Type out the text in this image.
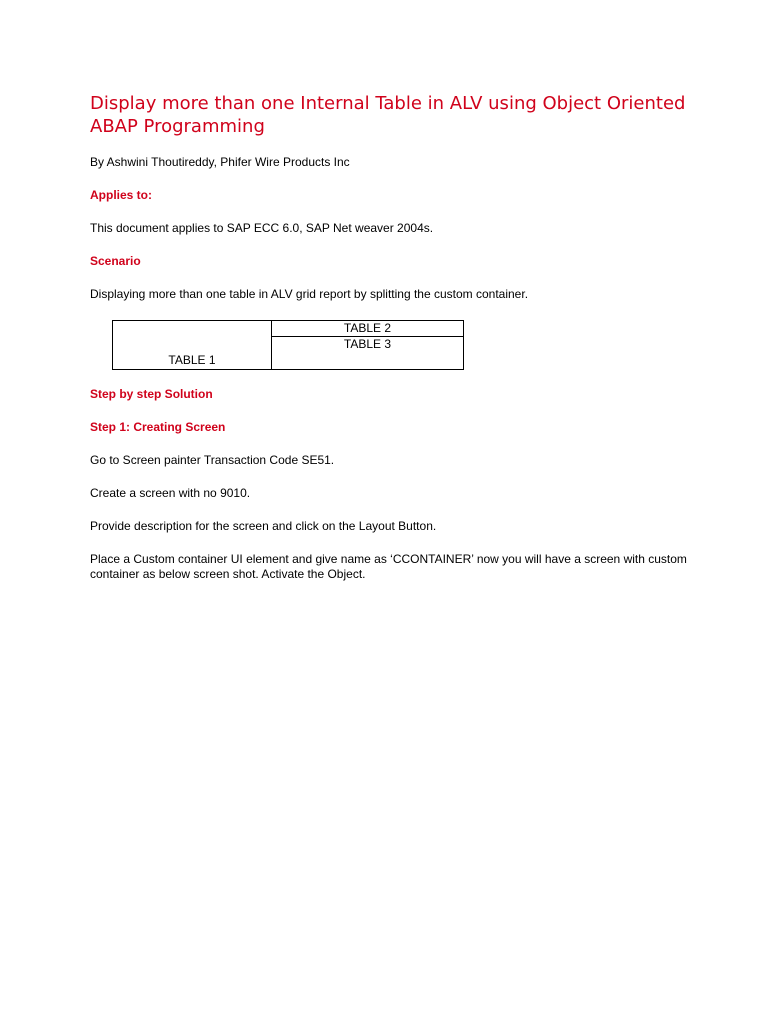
Display more than one Internal Table in ALV using Object Oriented ABAP Programming

By Ashwini Thoutireddy, Phifer Wire Products Inc

Applies to:

This document applies to SAP ECC 6.0, SAP Net weaver 2004s.

Scenario

Displaying more than one table in ALV grid report by splitting the custom container.

TABLE 1
TABLE 2
TABLE 3

Step by step Solution

Step 1: Creating Screen

Go to Screen painter Transaction Code SE51.

Create a screen with no 9010.

Provide description for the screen and click on the Layout Button.

Place a Custom container UI element and give name as ‘CCONTAINER’ now you will have a screen with custom container as below screen shot. Activate the Object.
